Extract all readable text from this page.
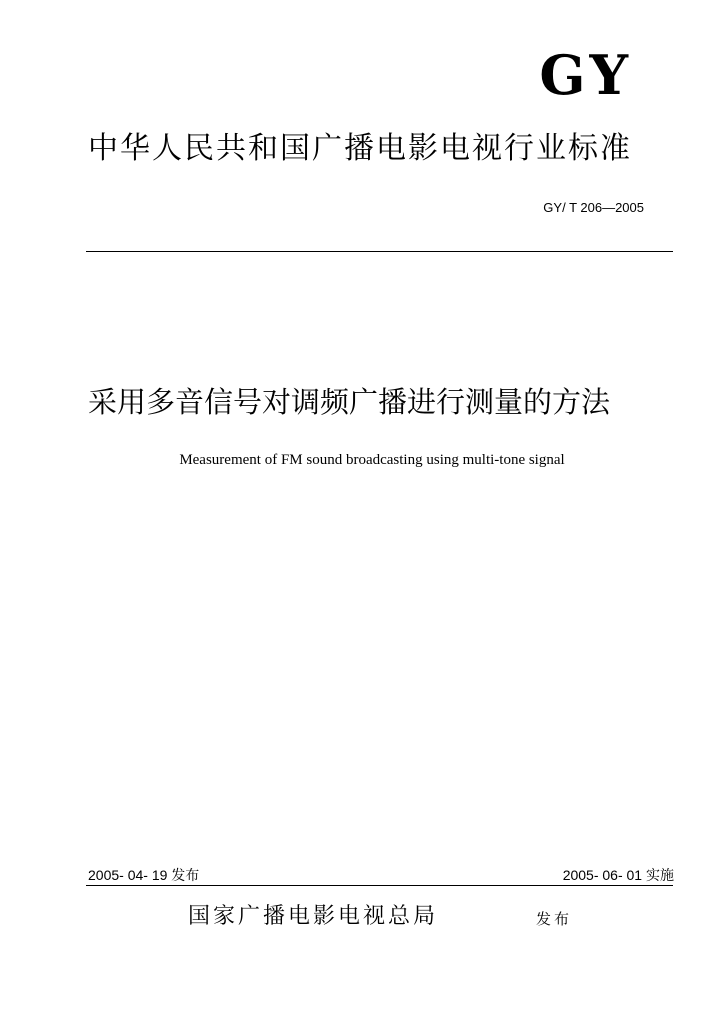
GY
中华人民共和国广播电影电视行业标准
GY/ T 206—2005
采用多音信号对调频广播进行测量的方法
Measurement of FM sound broadcasting using multi-tone signal
2005- 04- 19 发布	2005- 06- 01 实施
国家广播电影电视总局	发布
